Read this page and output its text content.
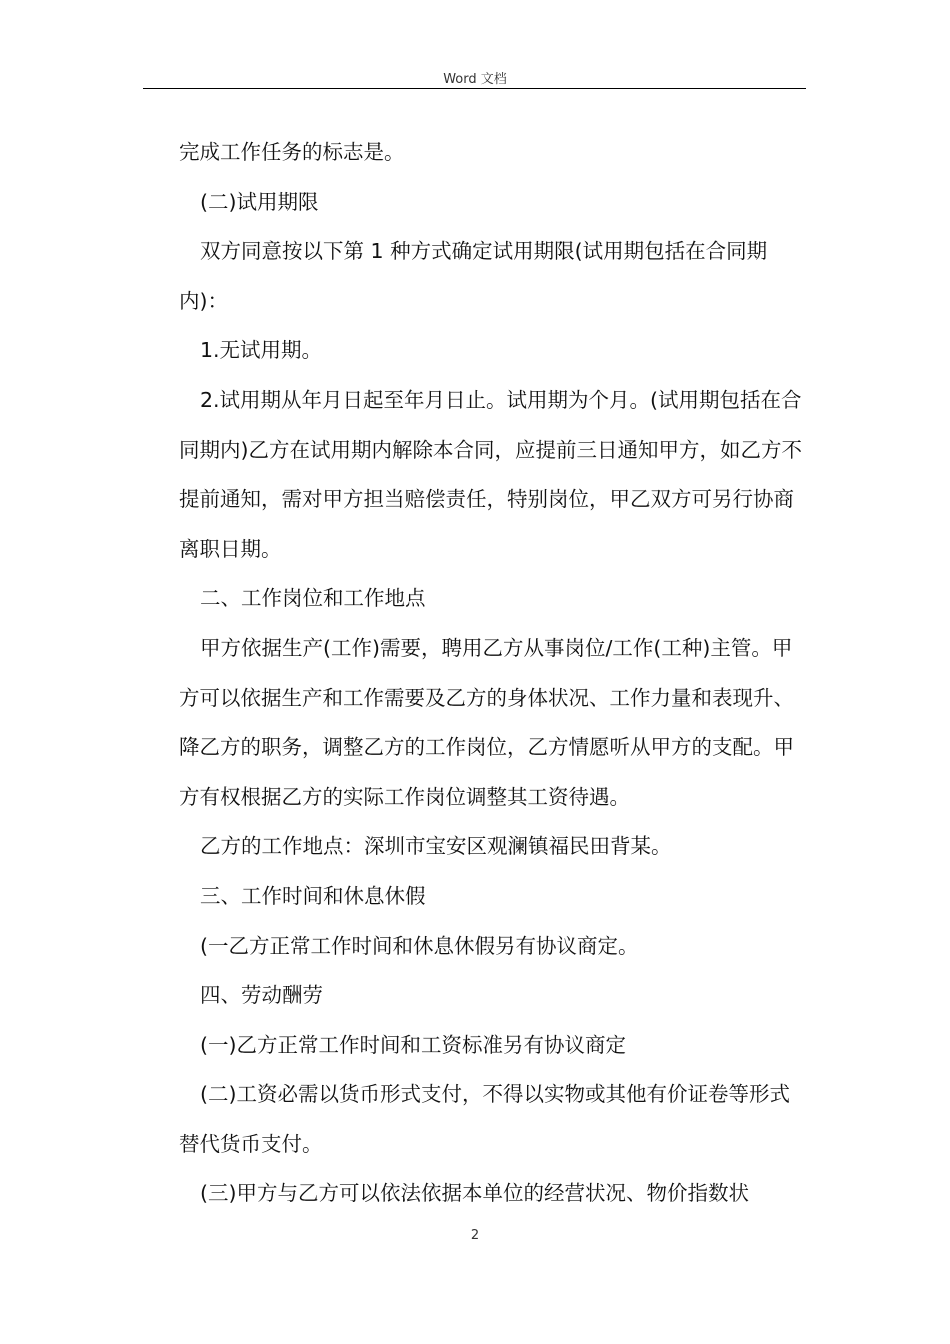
Word 文档

完成工作任务的标志是。

(二)试用期限

双方同意按以下第 1 种方式确定试用期限(试用期包括在合同期内)：

1.无试用期。

2.试用期从年月日起至年月日止。试用期为个月。(试用期包括在合同期内)乙方在试用期内解除本合同，应提前三日通知甲方，如乙方不提前通知，需对甲方担当赔偿责任，特别岗位，甲乙双方可另行协商离职日期。

二、工作岗位和工作地点

甲方依据生产(工作)需要，聘用乙方从事岗位/工作(工种)主管。甲方可以依据生产和工作需要及乙方的身体状况、工作力量和表现升、降乙方的职务，调整乙方的工作岗位，乙方情愿听从甲方的支配。甲方有权根据乙方的实际工作岗位调整其工资待遇。

乙方的工作地点：深圳市宝安区观澜镇福民田背某。

三、工作时间和休息休假

(一乙方正常工作时间和休息休假另有协议商定。

四、劳动酬劳

(一)乙方正常工作时间和工资标准另有协议商定

(二)工资必需以货币形式支付，不得以实物或其他有价证卷等形式替代货币支付。

(三)甲方与乙方可以依法依据本单位的经营状况、物价指数状

2
